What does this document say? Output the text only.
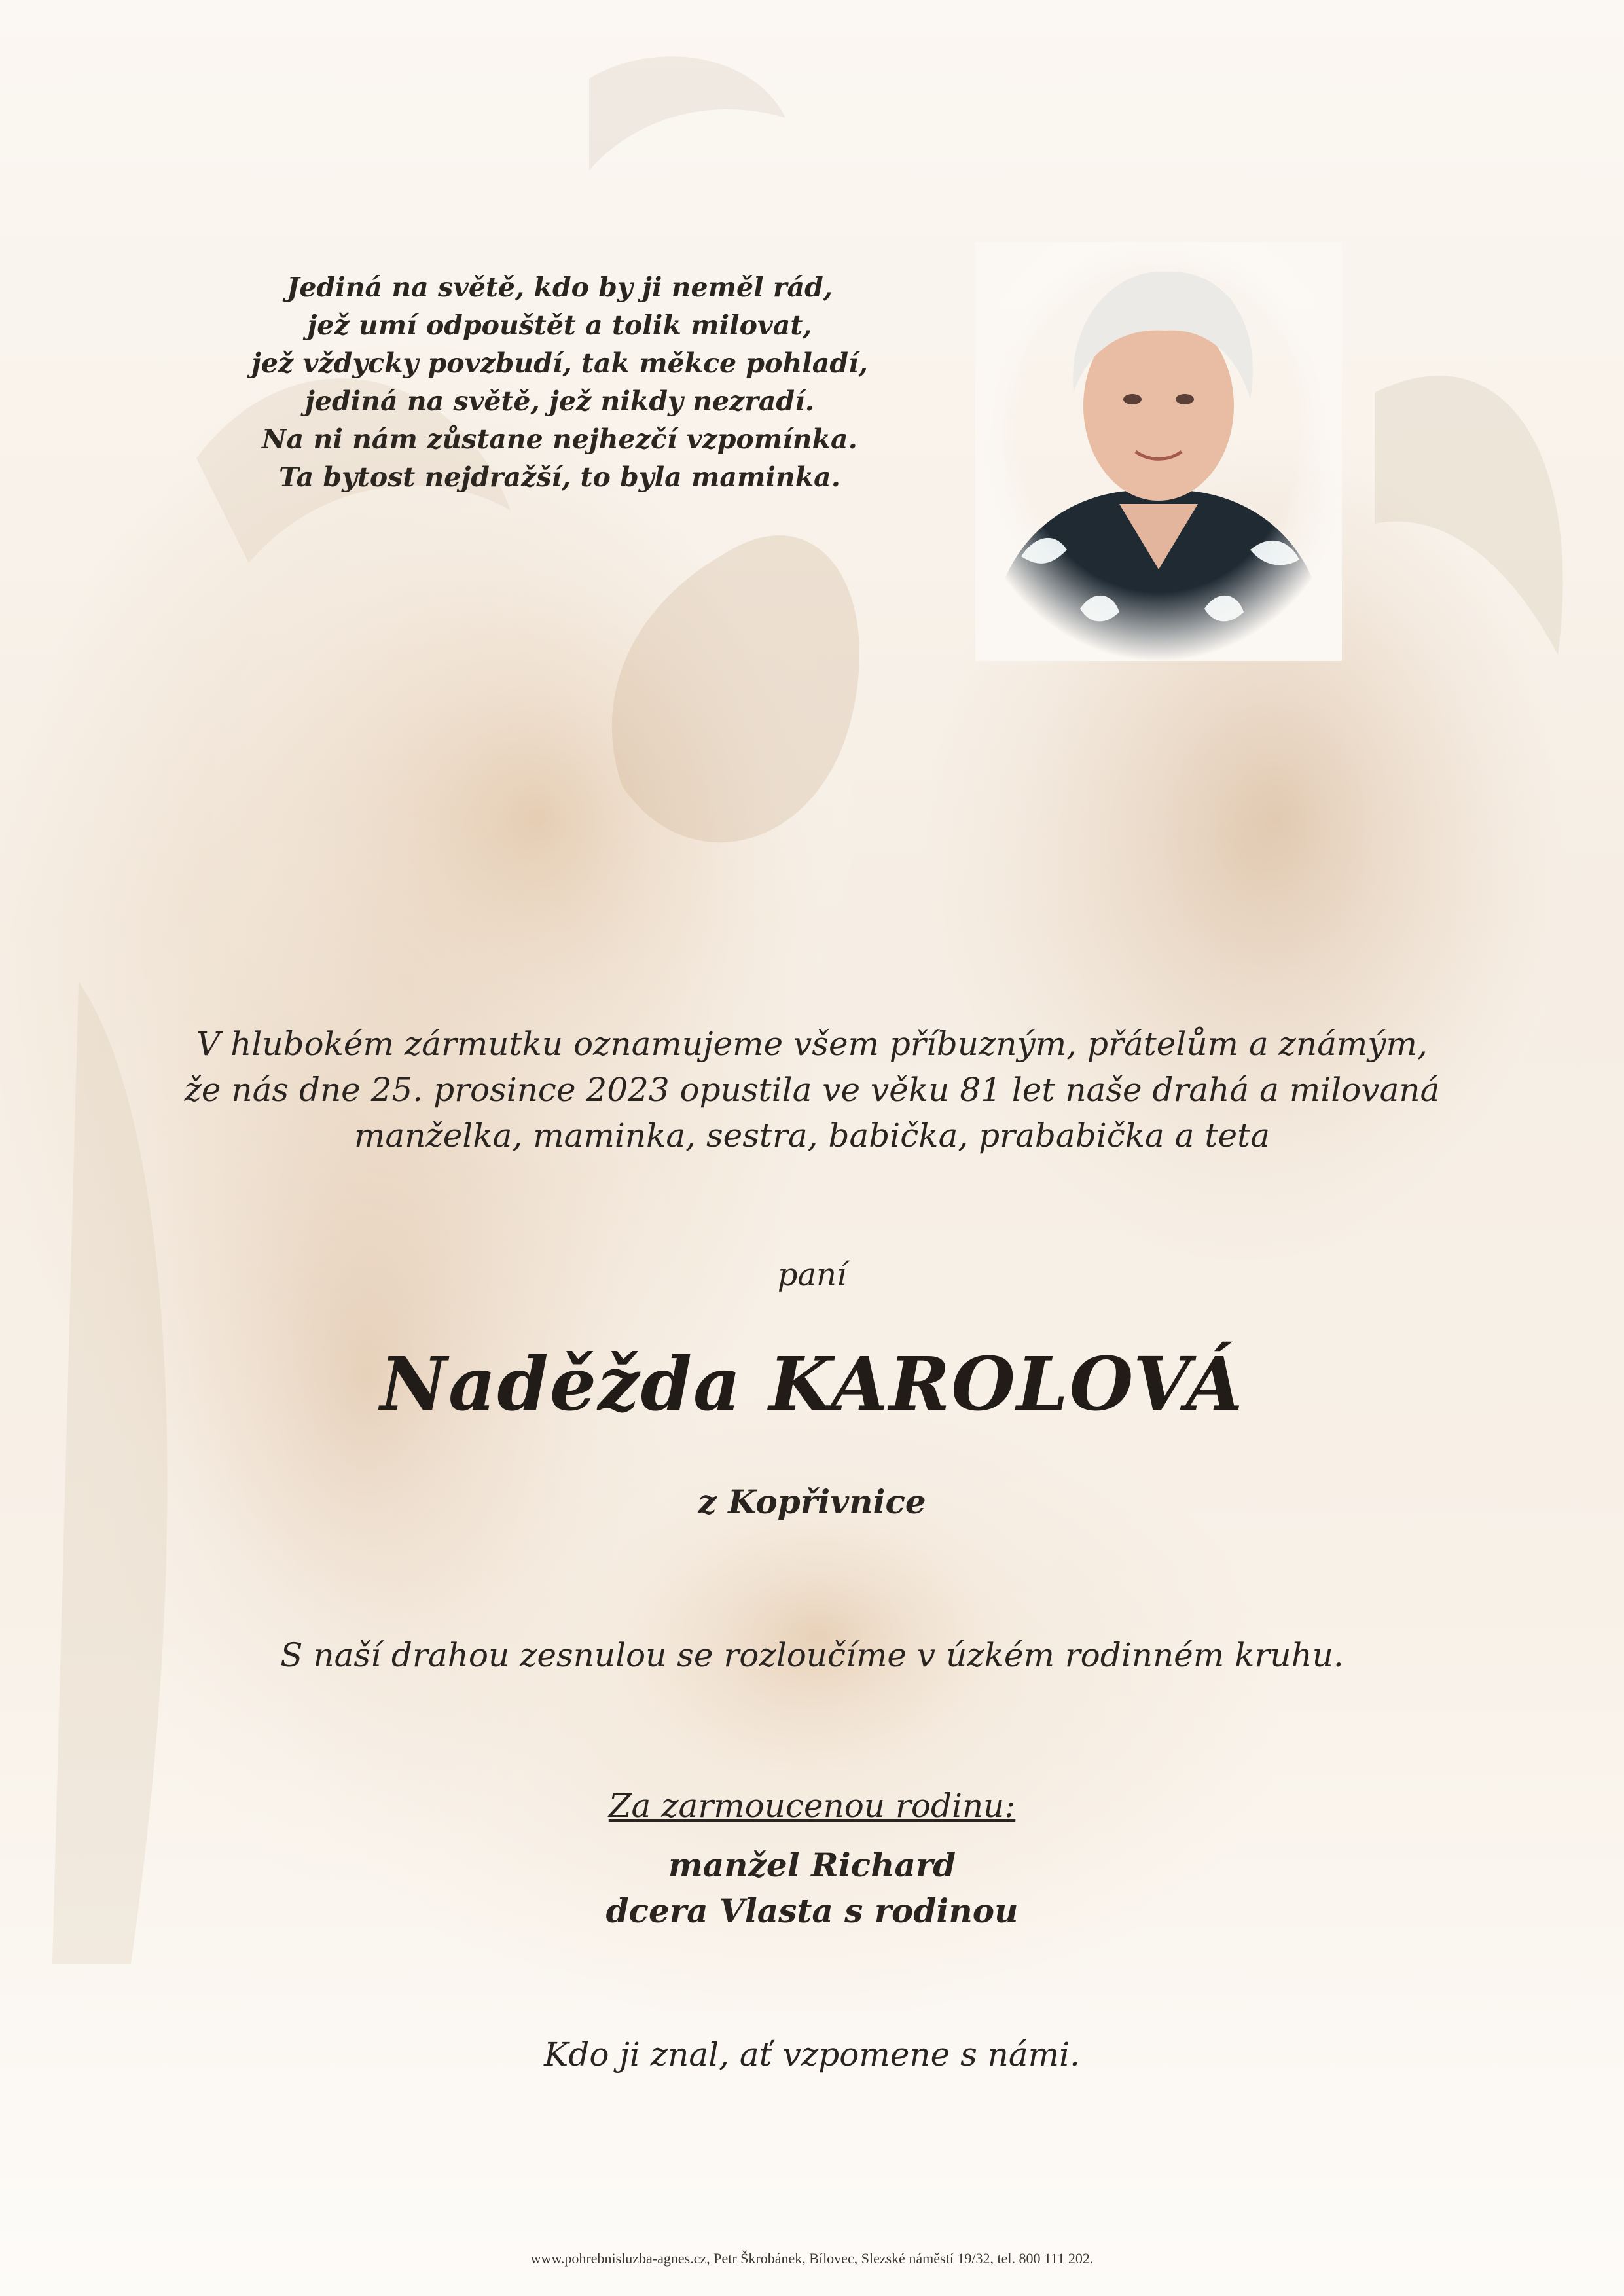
Jediná na světě, kdo by ji neměl rád,
jež umí odpouštět a tolik milovat,
jež vždycky povzbudí, tak měkce pohladí,
jediná na světě, jež nikdy nezradí.
Na ni nám zůstane nejhezčí vzpomínka.
Ta bytost nejdražší, to byla maminka.
V hlubokém zármutku oznamujeme všem příbuzným, přátelům a známým,
že nás dne 25. prosince 2023 opustila ve věku 81 let naše drahá a milovaná
manželka, maminka, sestra, babička, prababička a teta
paní
Naděžda KAROLOVÁ
z Kopřivnice
S naší drahou zesnulou se rozloučíme v úzkém rodinném kruhu.
Za zarmoucenou rodinu:
manžel Richard
dcera Vlasta s rodinou
Kdo ji znal, ať vzpomene s námi.
www.pohrebnisluzba-agnes.cz, Petr Škrobánek, Bílovec, Slezské náměstí 19/32, tel. 800 111 202.
